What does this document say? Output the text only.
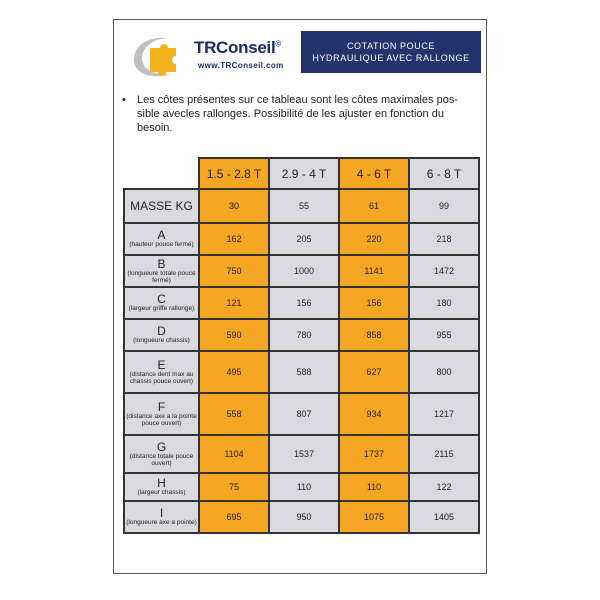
TRConseil©
www.TRConseil.com
COTATION POUCE
HYDRAULIQUE AVEC RALLONGE
• Les côtes présentes sur ce tableau sont les côtes maximales pos-sible avecles rallonges. Possibilité de les ajuster en fonction du besoin.
	1.5 - 2.8 T	2.9 - 4 T	4 - 6 T	6 - 8 T

MASSE KG	30	55	61	99

A
(hauteur pouce fermé)	162	205	220	218

B
(longueure totale pouce fermé)	750	1000	1141	1472

C
(largeur griffe rallonge)	121	156	156	180

D
(longueure chassis)	590	780	858	955

E
(distance dent max au chassis pouce ouvert)	495	588	627	800

F
(distance axe a la pointe pouce ouvert)	558	807	934	1217

G
(distance totale pouce ouvert)	1104	1537	1737	2115

H
(largeur chassis)	75	110	110	122

I
(longueure axe a pointe)	695	950	1075	1405
